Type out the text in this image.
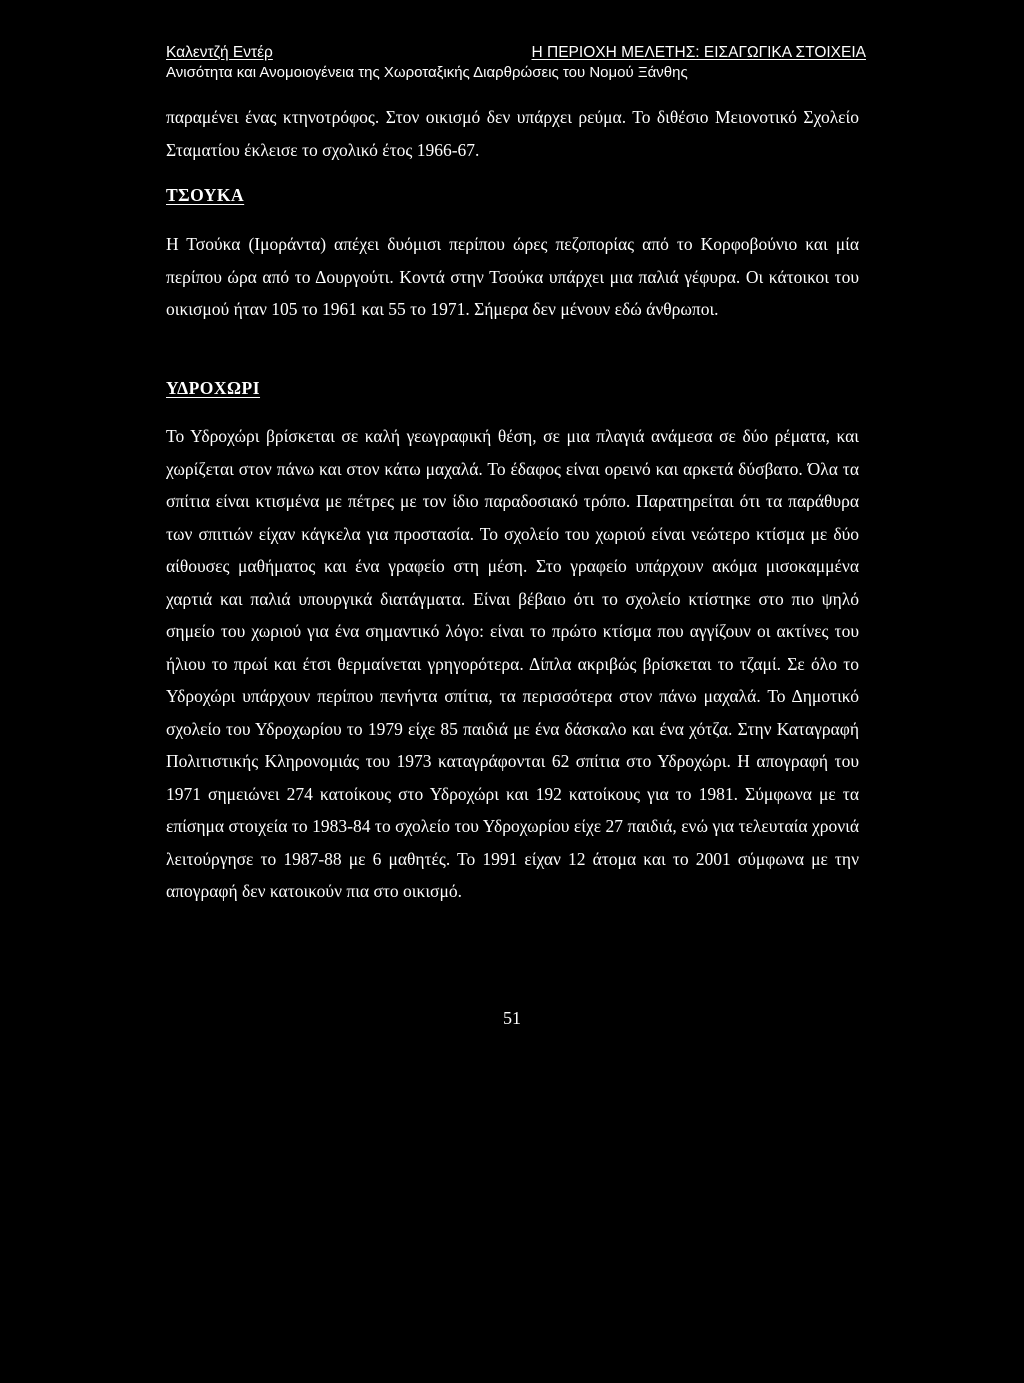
Καλεντζή Εντέρ	Η ΠΕΡΙΟΧΗ ΜΕΛΕΤΗΣ: ΕΙΣΑΓΩΓΙΚΑ ΣΤΟΙΧΕΙΑ
Ανισότητα και Ανομοιογένεια της Χωροταξικής Διαρθρώσεις του Νομού Ξάνθης
παραμένει ένας κτηνοτρόφος. Στον οικισμό δεν υπάρχει ρεύμα. Το διθέσιο Μειονοτικό Σχολείο Σταματίου έκλεισε το σχολικό έτος 1966-67.
ΤΣΟΥΚΑ
Η Τσούκα (Ιμοράντα) απέχει δυόμισι περίπου ώρες πεζοπορίας από το Κορφοβούνιο και μία περίπου ώρα από το Δουργούτι. Κοντά στην Τσούκα υπάρχει μια παλιά γέφυρα. Οι κάτοικοι του οικισμού ήταν 105 το 1961 και 55 το 1971. Σήμερα δεν μένουν εδώ άνθρωποι.
ΥΔΡΟΧΩΡΙ
Το Υδροχώρι βρίσκεται σε καλή γεωγραφική θέση, σε μια πλαγιά ανάμεσα σε δύο ρέματα, και χωρίζεται στον πάνω και στον κάτω μαχαλά. Το έδαφος είναι ορεινό και αρκετά δύσβατο. Όλα τα σπίτια είναι κτισμένα με πέτρες με τον ίδιο παραδοσιακό τρόπο. Παρατηρείται ότι τα παράθυρα των σπιτιών είχαν κάγκελα για προστασία. Το σχολείο του χωριού είναι νεώτερο κτίσμα με δύο αίθουσες μαθήματος και ένα γραφείο στη μέση. Στο γραφείο υπάρχουν ακόμα μισοκαμμένα χαρτιά και παλιά υπουργικά διατάγματα. Είναι βέβαιο ότι το σχολείο κτίστηκε στο πιο ψηλό σημείο του χωριού για ένα σημαντικό λόγο: είναι το πρώτο κτίσμα που αγγίζουν οι ακτίνες του ήλιου το πρωί και έτσι θερμαίνεται γρηγορότερα. Δίπλα ακριβώς βρίσκεται το τζαμί. Σε όλο το Υδροχώρι υπάρχουν περίπου πενήντα σπίτια, τα περισσότερα στον πάνω μαχαλά. Το Δημοτικό σχολείο του Υδροχωρίου το 1979 είχε 85 παιδιά με ένα δάσκαλο και ένα χότζα. Στην Καταγραφή Πολιτιστικής Κληρονομιάς του 1973 καταγράφονται 62 σπίτια στο Υδροχώρι. Η απογραφή του 1971 σημειώνει 274 κατοίκους στο Υδροχώρι και 192 κατοίκους για το 1981. Σύμφωνα με τα επίσημα στοιχεία το 1983-84 το σχολείο του Υδροχωρίου είχε 27 παιδιά, ενώ για τελευταία χρονιά λειτούργησε το 1987-88 με 6 μαθητές. Το 1991 είχαν 12 άτομα και το 2001 σύμφωνα με την απογραφή δεν κατοικούν πια στο οικισμό.
51
